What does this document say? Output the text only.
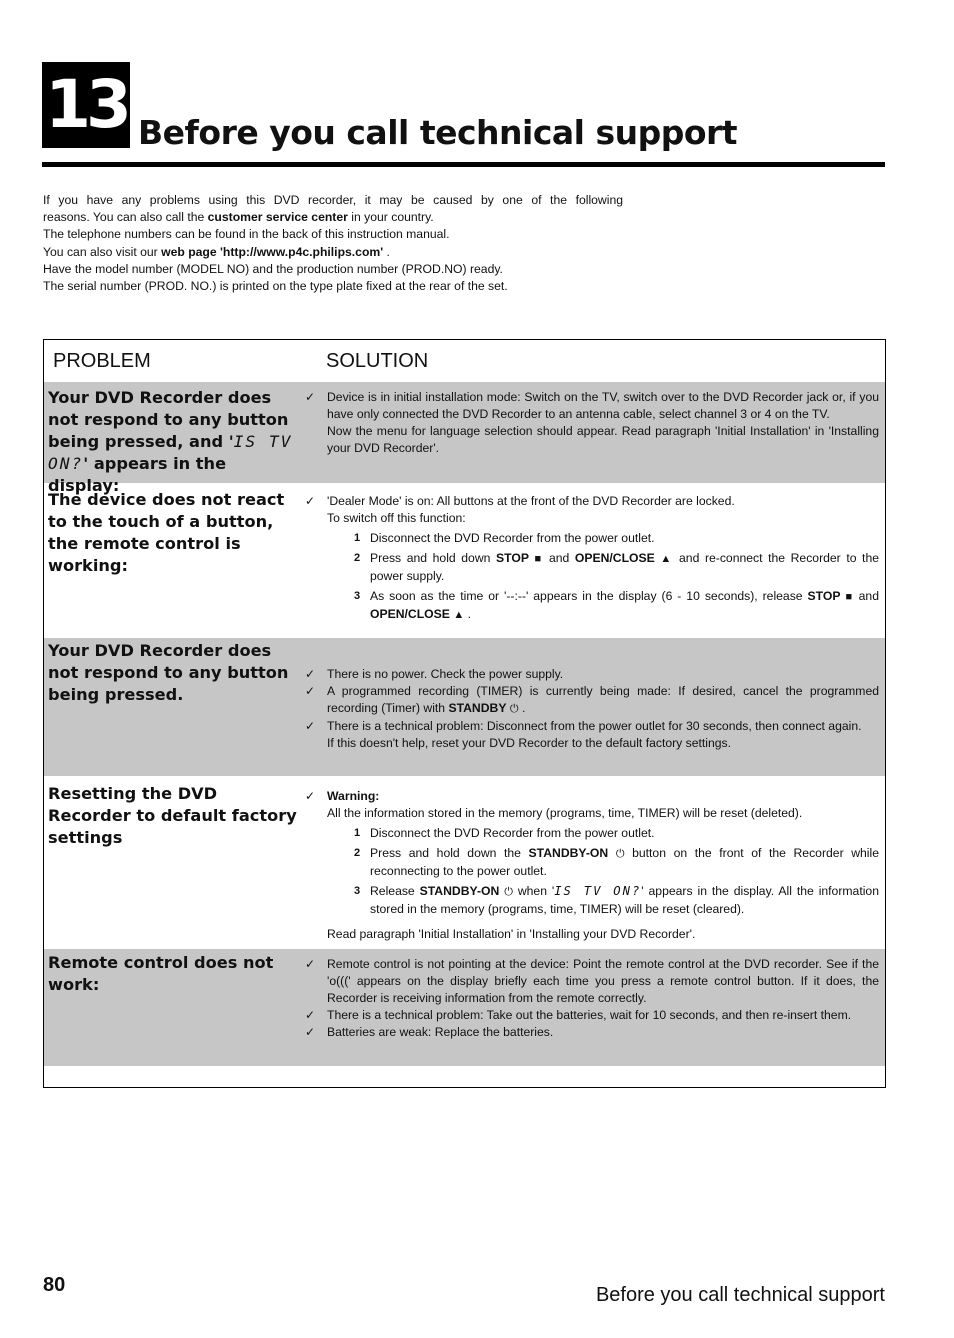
13 Before you call technical support

If you have any problems using this DVD recorder, it may be caused by one of the following

reasons. You can also call the customer service center in your country.

The telephone numbers can be found in the back of this instruction manual.

You can also visit our web page 'http://www.p4c.philips.com' .

Have the model number (MODEL NO) and the production number (PROD.NO) ready.

The serial number (PROD. NO.) is printed on the type plate fixed at the rear of the set.

PROBLEM	SOLUTION
Your DVD Recorder does not respond to any button being pressed, and 'IS TV ON?' appears in the display:

✓ Device is in initial installation mode: Switch on the TV, switch over to the DVD Recorder jack or, if you have only connected the DVD Recorder to an antenna cable, select channel 3 or 4 on the TV.

Now the menu for language selection should appear. Read paragraph 'Initial Installation' in 'Installing your DVD Recorder'.

The device does not react to the touch of a button, the remote control is working:

✓ 'Dealer Mode' is on: All buttons at the front of the DVD Recorder are locked.

To switch off this function:

1 Disconnect the DVD Recorder from the power outlet.
2 Press and hold down STOP ■ and OPEN/CLOSE ▲ and re-connect the Recorder to the power supply.
3 As soon as the time or '--:--' appears in the display (6 - 10 seconds), release STOP ■ and OPEN/CLOSE ▲ .
Your DVD Recorder does not respond to any button being pressed.

✓ There is no power. Check the power supply.

✓ A programmed recording (TIMER) is currently being made: If desired, cancel the programmed recording (Timer) with STANDBY ⏻ .

✓ There is a technical problem: Disconnect from the power outlet for 30 seconds, then connect again.

If this doesn't help, reset your DVD Recorder to the default factory settings.

Resetting the DVD Recorder to default factory settings

✓ Warning:

All the information stored in the memory (programs, time, TIMER) will be reset (deleted).

1 Disconnect the DVD Recorder from the power outlet.
2 Press and hold down the STANDBY-ON ⏻ button on the front of the Recorder while reconnecting to the power outlet.
3 Release STANDBY-ON ⏻ when 'IS TV ON?' appears in the display. All the information stored in the memory (programs, time, TIMER) will be reset (cleared).

Read paragraph 'Initial Installation' in 'Installing your DVD Recorder'.

Remote control does not work:

✓ Remote control is not pointing at the device: Point the remote control at the DVD recorder. See if the 'o(((' appears on the display briefly each time you press a remote control button. If it does, the Recorder is receiving information from the remote correctly.

✓ There is a technical problem: Take out the batteries, wait for 10 seconds, and then re-insert them.

✓ Batteries are weak: Replace the batteries.

80	Before you call technical support
